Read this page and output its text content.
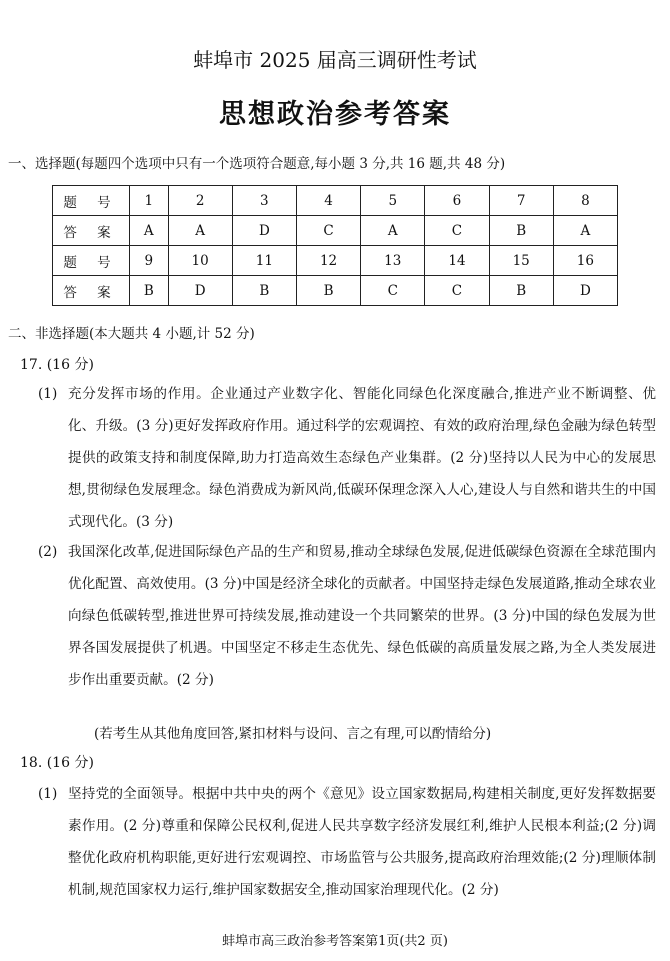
蚌埠市 2025 届高三调研性考试
思想政治参考答案
一、选择题(每题四个选项中只有一个选项符合题意,每小题 3 分,共 16 题,共 48 分)
题 号	1	2	3	4	5	6	7	8
答 案	A	A	D	C	A	C	B	A
题 号	9	10	11	12	13	14	15	16
答 案	B	D	B	B	C	C	B	D
二、非选择题(本大题共 4 小题,计 52 分)
17. (16 分)
(1) 充分发挥市场的作用。企业通过产业数字化、智能化同绿色化深度融合,推进产业不断调整、优化、升级。(3 分)更好发挥政府作用。通过科学的宏观调控、有效的政府治理,绿色金融为绿色转型提供的政策支持和制度保障,助力打造高效生态绿色产业集群。(2 分)坚持以人民为中心的发展思想,贯彻绿色发展理念。绿色消费成为新风尚,低碳环保理念深入人心,建设人与自然和谐共生的中国式现代化。(3 分)
(2) 我国深化改革,促进国际绿色产品的生产和贸易,推动全球绿色发展,促进低碳绿色资源在全球范围内优化配置、高效使用。(3 分)中国是经济全球化的贡献者。中国坚持走绿色发展道路,推动全球农业向绿色低碳转型,推进世界可持续发展,推动建设一个共同繁荣的世界。(3 分)中国的绿色发展为世界各国发展提供了机遇。中国坚定不移走生态优先、绿色低碳的高质量发展之路,为全人类发展进步作出重要贡献。(2 分)
(若考生从其他角度回答,紧扣材料与设问、言之有理,可以酌情给分)
18. (16 分)
(1) 坚持党的全面领导。根据中共中央的两个《意见》设立国家数据局,构建相关制度,更好发挥数据要素作用。(2 分)尊重和保障公民权利,促进人民共享数字经济发展红利,维护人民根本利益;(2 分)调整优化政府机构职能,更好进行宏观调控、市场监管与公共服务,提高政府治理效能;(2 分)理顺体制机制,规范国家权力运行,维护国家数据安全,推动国家治理现代化。(2 分)
蚌埠市高三政治参考答案第1页(共2 页)
